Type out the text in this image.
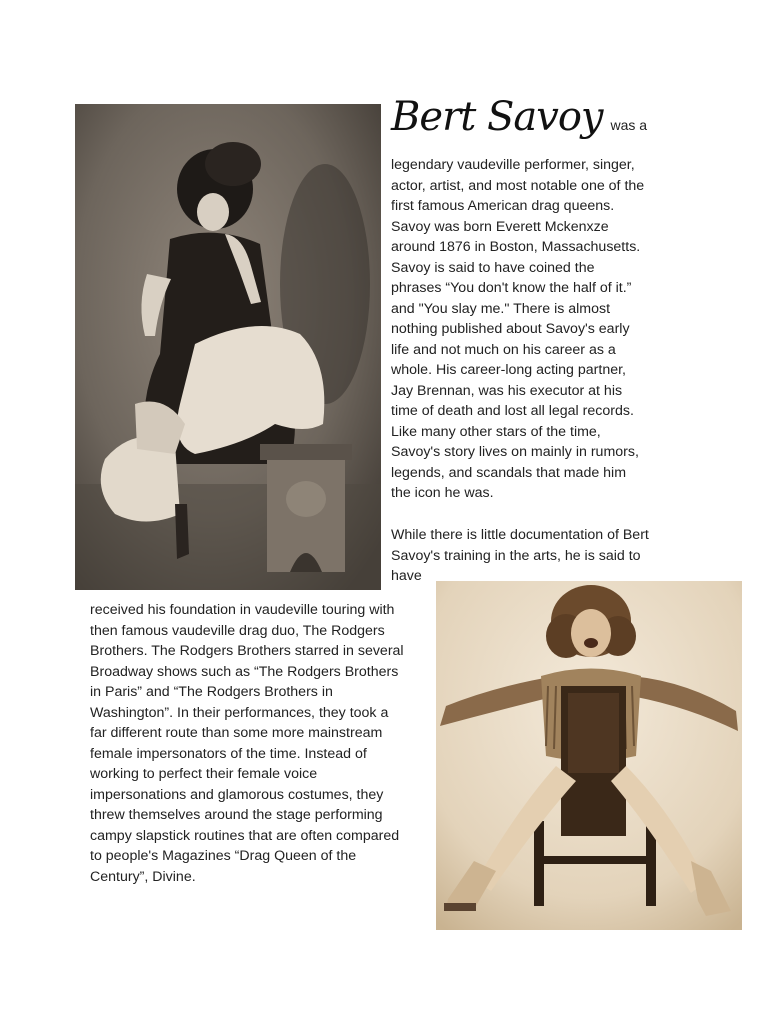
Bert Savoy was a
legendary vaudeville performer, singer,
actor, artist, and most notable one of the
first famous American drag queens.
Savoy was born Everett Mckenxze
around 1876 in Boston, Massachusetts.
Savoy is said to have coined the
phrases “You don't know the half of it.”
and "You slay me." There is almost
nothing published about Savoy's early
life and not much on his career as a
whole. His career-long acting partner,
Jay Brennan, was his executor at his
time of death and lost all legal records.
Like many other stars of the time,
Savoy's story lives on mainly in rumors,
legends, and scandals that made him
the icon he was.
While there is little documentation of Bert
Savoy's training in the arts, he is said to
have
received his foundation in vaudeville touring with
then famous vaudeville drag duo, The Rodgers
Brothers. The Rodgers Brothers starred in several
Broadway shows such as “The Rodgers Brothers
in Paris” and “The Rodgers Brothers in
Washington”. In their performances, they took a
far different route than some more mainstream
female impersonators of the time. Instead of
working to perfect their female voice
impersonations and glamorous costumes, they
threw themselves around the stage performing
campy slapstick routines that are often compared
to people's Magazines “Drag Queen of the
Century”, Divine.
